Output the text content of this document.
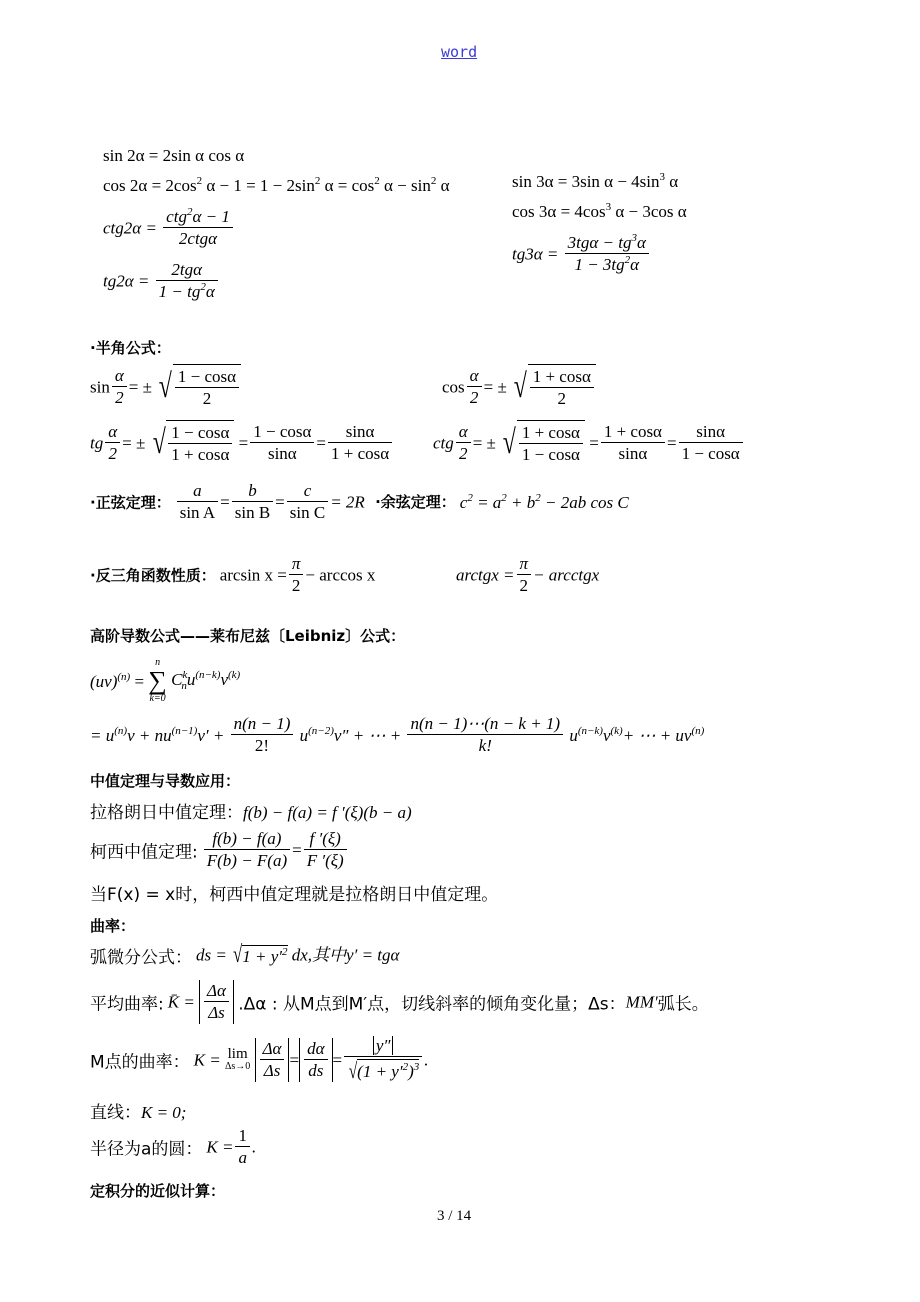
word
sin 2α = 2sin α cos α
$\cos 2\alpha = 2\cos^2$ $\alpha - 1 = 1 - 2\sin^2$ $\alpha = \cos^2 \alpha - \sin^2 \alpha$
$ctg2\alpha = \frac{ctg^2\alpha - 1}{\text{2ctgα}}$
$tg2\alpha = \frac{\text{2tgα}}{1 - tg^2\alpha}$
sin 3α = 3sin $\alpha - 4\sin^3$ α
$\cos 3\alpha = 4\cos^3$ α − 3cos α
$tg3\alpha = \frac{3tg\alpha - tg^3\alpha}{1 - 3tg^2\alpha}$
·半角公式：
$\sin \frac{\alpha}{2}$ = ± √ $\frac{1 - \cos\alpha}{2}$	$\cos \frac{\alpha}{2}$ = ± √ $\frac{1 + \cos\alpha}{2}$
tg $\frac{\alpha}{2}$ = ± √ $\frac{1 - \cos\alpha}{1 + \cos\alpha} = \frac{1 - \cos\alpha}{\sin\alpha} = \frac{\sin\alpha}{1 + \cos\alpha}$ ctg $\frac{\alpha}{2}$ = ± √ $\frac{1 + \cos\alpha}{1 - \cos\alpha} = \frac{1 + \cos\alpha}{\sin\alpha} = \frac{\sin\alpha}{1 - \cos\alpha}$
·正弦定理： $\frac{a}{\text{sin A}} = \frac{b}{\text{sin B}} = \frac{c}{\text{sin C}} = 2R$ ·余弦定理： $c^2 = a^2 + b^2 - 2ab$ cos C
·反三角函数性质： $\arcsin x = \frac{\pi}{2} - \arccos x$	arctgx = $\frac{\pi}{2}$ − arcctgx
高阶导数公式——莱布尼兹〔Leibniz〕公式：
(uv)$^{(n)}$ =
n
∑
k=0
$C^k_nu^{(n-k)}v^{(k)}$
= $u^{(n)}v + nu^{(n-1)}v' + \frac{n(n - 1)}{2!} u^{(n-2)}v''$ + ⋯ + $\frac{n(n - 1)\cdots(n - k + 1)}{k!} u^{(n-k)}v^{(k)}+$ ⋯ + $uv^{(n)}$
中值定理与导数应用：
拉格朗日中值定理：f(b) − f(a) = f ′(ξ)(b − a)
柯西中值定理: $\frac{f(b) - f(a)}{F(b) - F(a)} = \frac{f '(\xi)}{F '(\xi)}$
当F(x) = x时，柯西中值定理就是拉格朗日中值定理。
曲率：
弧微分公式： ds = $√1 + y'^2$ dx,其中y′ = tgα
平均曲率: K̄ = $\frac{\Delta\alpha}{\Delta s} .\Delta\alpha$ : 从M点到M′点，切线斜率的倾角变化量；Δs：MM′弧长。
M点的曲率： K = lim
Δs→0
$\frac{\Delta\alpha}{\Delta s} = \frac{d\alpha}{ds} = \frac{y''}{√(1 + y'^2)^3}$ .
直线：K = 0;
半径为a的圆： $K = \frac{1}{a}$ .
定积分的近似计算：
3 / 14
